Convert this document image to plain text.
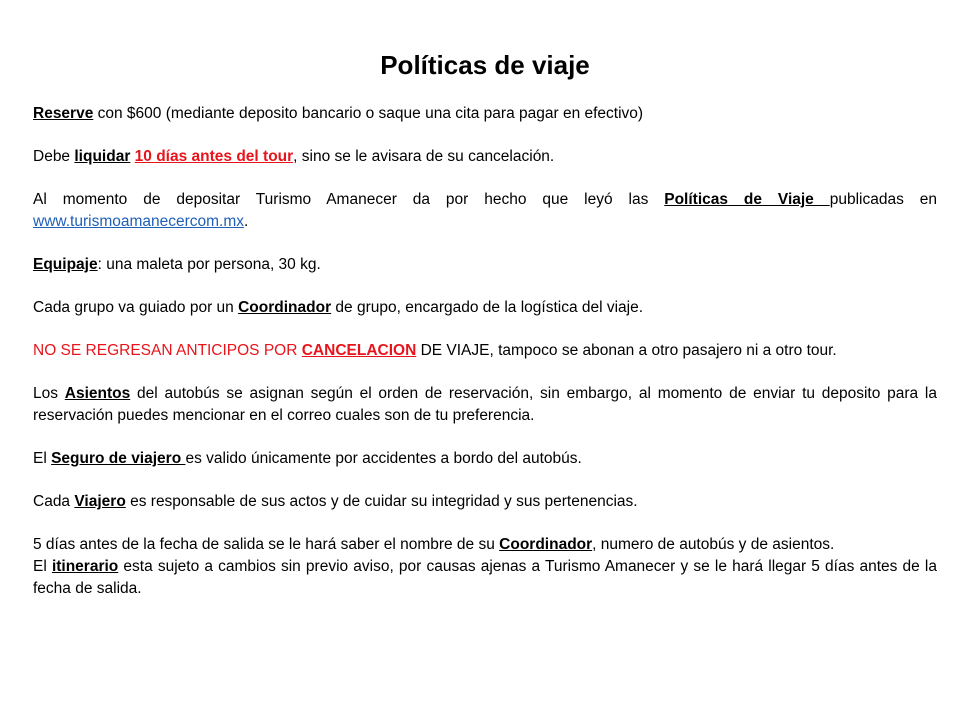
Políticas de viaje

Reserve con $600 (mediante deposito bancario o saque una cita para pagar en efectivo)

Debe liquidar 10 días antes del tour, sino se le avisara de su cancelación.

Al momento de depositar Turismo Amanecer da por hecho que leyó las Políticas de Viaje publicadas en www.turismoamanecercom.mx.

Equipaje: una maleta por persona, 30 kg.

Cada grupo va guiado por un Coordinador de grupo, encargado de la logística del viaje.

NO SE REGRESAN ANTICIPOS POR CANCELACION DE VIAJE, tampoco se abonan a otro pasajero ni a otro tour.

Los Asientos del autobús se asignan según el orden de reservación, sin embargo, al momento de enviar tu deposito para la reservación puedes mencionar en el correo cuales son de tu preferencia.

El Seguro de viajero es valido únicamente por accidentes a bordo del autobús.

Cada Viajero es responsable de sus actos y de cuidar su integridad y sus pertenencias.

5 días antes de la fecha de salida se le hará saber el nombre de su Coordinador, numero de autobús y de asientos.

El itinerario esta sujeto a cambios sin previo aviso, por causas ajenas a Turismo Amanecer y se le hará llegar 5 días antes de la fecha de salida.
